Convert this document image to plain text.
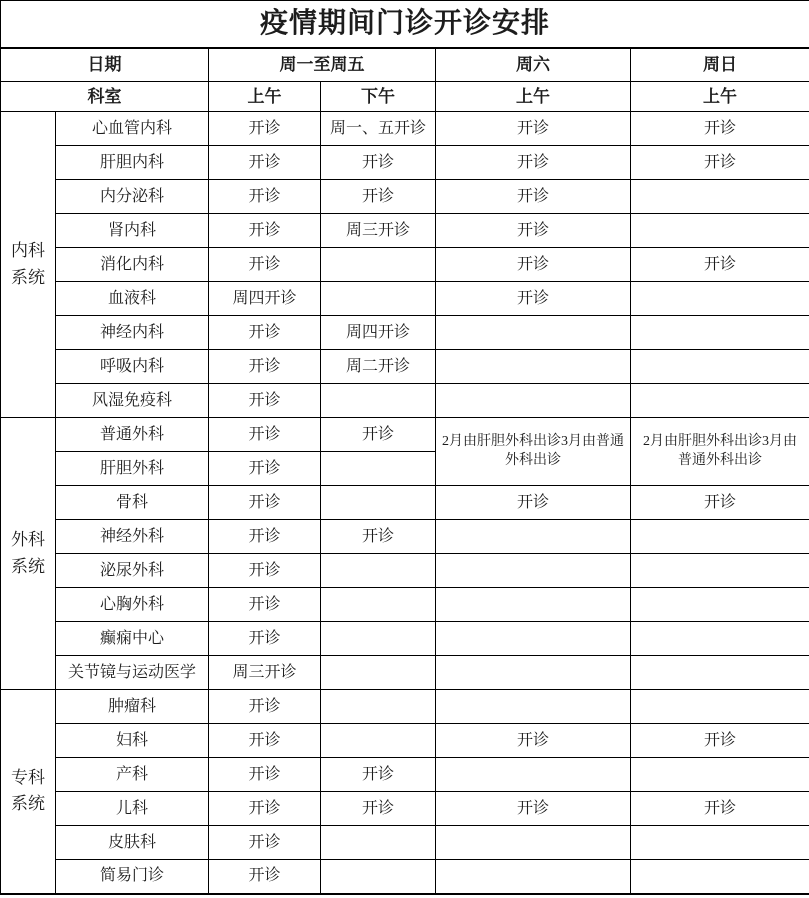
疫情期间门诊开诊安排					
日期		周一至周五		周六	周日
科室		上午	下午	上午	上午

内科系统	心血管内科	开诊	周一、五开诊	开诊	开诊
	肝胆内科	开诊	开诊	开诊	开诊
	内分泌科	开诊	开诊	开诊	
	肾内科	开诊	周三开诊	开诊	
	消化内科	开诊		开诊	开诊
	血液科	周四开诊		开诊	
	神经内科	开诊	周四开诊		
	呼吸内科	开诊	周二开诊		
	风湿免疫科	开诊			

外科系统	普通外科	开诊	开诊	2月由肝胆外科出诊3月由普通外科出诊	2月由肝胆外科出诊3月由普通外科出诊
	肝胆外科	开诊			
	骨科	开诊		开诊	开诊
	神经外科	开诊	开诊		
	泌尿外科	开诊			
	心胸外科	开诊			
	癫痫中心	开诊			
	关节镜与运动医学	周三开诊			

专科系统	肿瘤科	开诊			
	妇科	开诊		开诊	开诊
	产科	开诊	开诊		
	儿科	开诊	开诊	开诊	开诊
	皮肤科	开诊			
	简易门诊	开诊			
